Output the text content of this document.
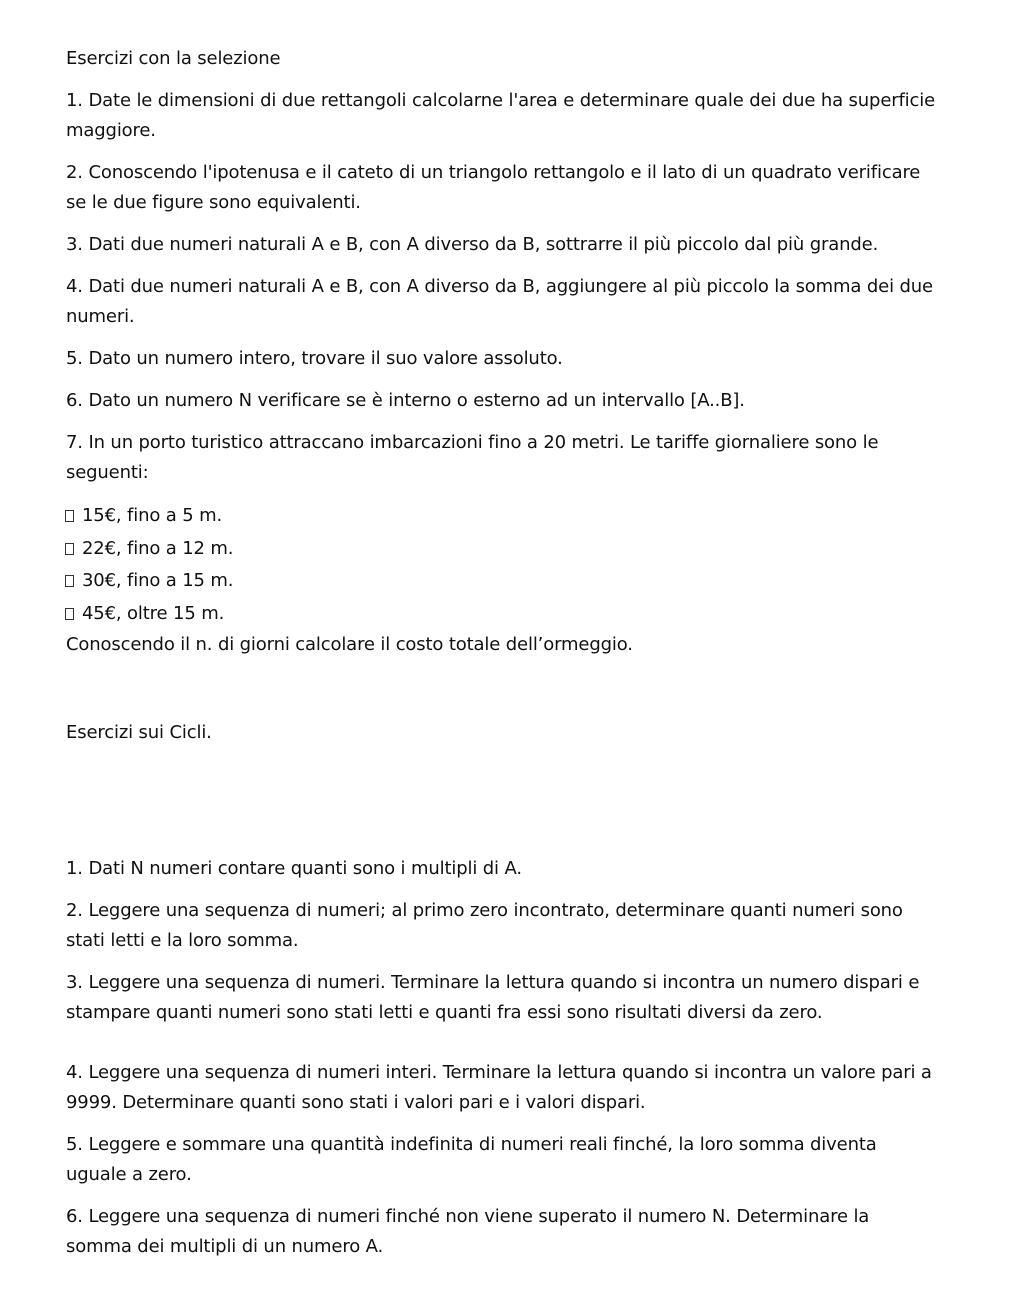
Esercizi con la selezione

1. Date le dimensioni di due rettangoli calcolarne l'area e determinare quale dei due ha superficie maggiore.

2. Conoscendo l'ipotenusa e il cateto di un triangolo rettangolo e il lato di un quadrato verificare se le due figure sono equivalenti.

3. Dati due numeri naturali A e B, con A diverso da B, sottrarre il più piccolo dal più grande.

4. Dati due numeri naturali A e B, con A diverso da B, aggiungere al più piccolo la somma dei due numeri.

5. Dato un numero intero, trovare il suo valore assoluto.

6. Dato un numero N verificare se è interno o esterno ad un intervallo [A..B].

7. In un porto turistico attraccano imbarcazioni fino a 20 metri. Le tariffe giornaliere sono le seguenti:

15€, fino a 5 m.
22€, fino a 12 m.
30€, fino a 15 m.
45€, oltre 15 m.

Conoscendo il n. di giorni calcolare il costo totale dell’ormeggio.

Esercizi sui Cicli.

1. Dati N numeri contare quanti sono i multipli di A.

2. Leggere una sequenza di numeri; al primo zero incontrato, determinare quanti numeri sono stati letti e la loro somma.

3. Leggere una sequenza di numeri. Terminare la lettura quando si incontra un numero dispari e stampare quanti numeri sono stati letti e quanti fra essi sono risultati diversi da zero.

4. Leggere una sequenza di numeri interi. Terminare la lettura quando si incontra un valore pari a 9999. Determinare quanti sono stati i valori pari e i valori dispari.

5. Leggere e sommare una quantità indefinita di numeri reali finché, la loro somma diventa uguale a zero.

6. Leggere una sequenza di numeri finché non viene superato il numero N. Determinare la somma dei multipli di un numero A.
